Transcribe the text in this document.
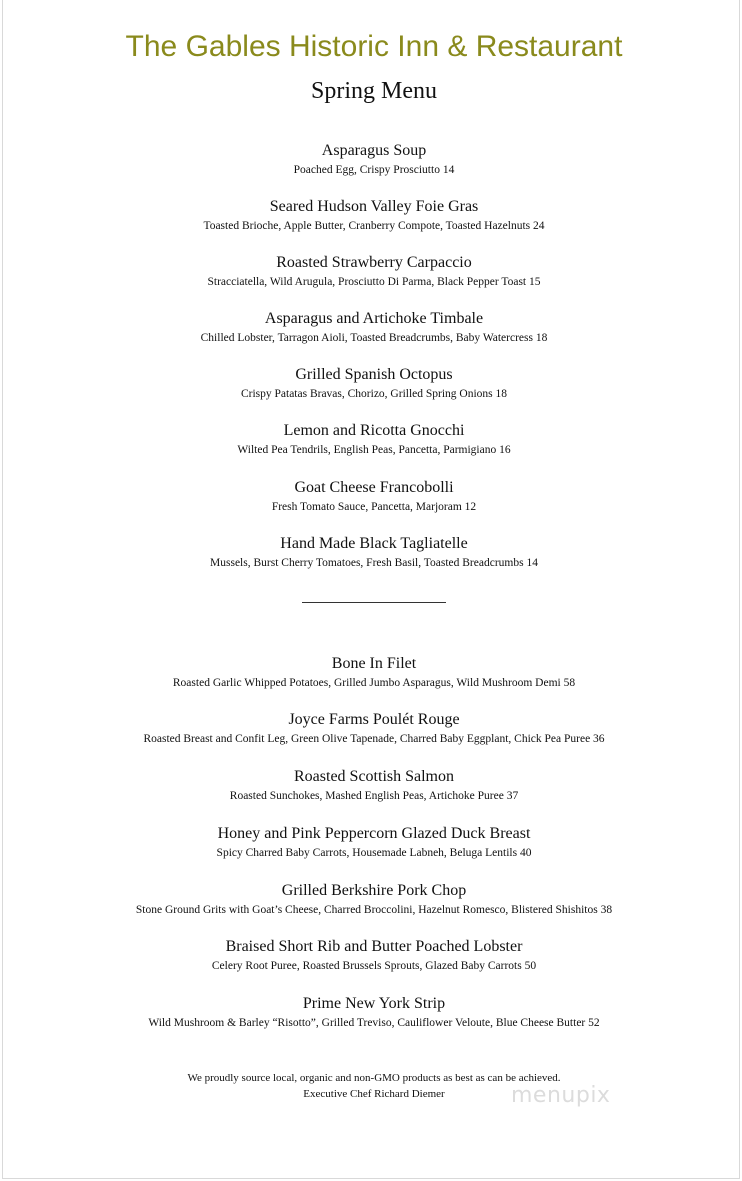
The Gables Historic Inn & Restaurant
Spring Menu
Asparagus Soup
Poached Egg, Crispy Prosciutto 14
Seared Hudson Valley Foie Gras
Toasted Brioche, Apple Butter, Cranberry Compote, Toasted Hazelnuts 24
Roasted Strawberry Carpaccio
Stracciatella, Wild Arugula, Prosciutto Di Parma, Black Pepper Toast 15
Asparagus and Artichoke Timbale
Chilled Lobster, Tarragon Aioli, Toasted Breadcrumbs, Baby Watercress 18
Grilled Spanish Octopus
Crispy Patatas Bravas, Chorizo, Grilled Spring Onions 18
Lemon and Ricotta Gnocchi
Wilted Pea Tendrils, English Peas, Pancetta, Parmigiano 16
Goat Cheese Francobolli
Fresh Tomato Sauce, Pancetta, Marjoram 12
Hand Made Black Tagliatelle
Mussels, Burst Cherry Tomatoes, Fresh Basil, Toasted Breadcrumbs 14
Bone In Filet
Roasted Garlic Whipped Potatoes, Grilled Jumbo Asparagus, Wild Mushroom Demi 58
Joyce Farms Poulét Rouge
Roasted Breast and Confit Leg, Green Olive Tapenade, Charred Baby Eggplant, Chick Pea Puree 36
Roasted Scottish Salmon
Roasted Sunchokes, Mashed English Peas, Artichoke Puree 37
Honey and Pink Peppercorn Glazed Duck Breast
Spicy Charred Baby Carrots, Housemade Labneh, Beluga Lentils 40
Grilled Berkshire Pork Chop
Stone Ground Grits with Goat’s Cheese, Charred Broccolini, Hazelnut Romesco, Blistered Shishitos 38
Braised Short Rib and Butter Poached Lobster
Celery Root Puree, Roasted Brussels Sprouts, Glazed Baby Carrots 50
Prime New York Strip
Wild Mushroom & Barley “Risotto”, Grilled Treviso, Cauliflower Veloute, Blue Cheese Butter 52
We proudly source local, organic and non-GMO products as best as can be achieved.
Executive Chef Richard Diemer	menupix
